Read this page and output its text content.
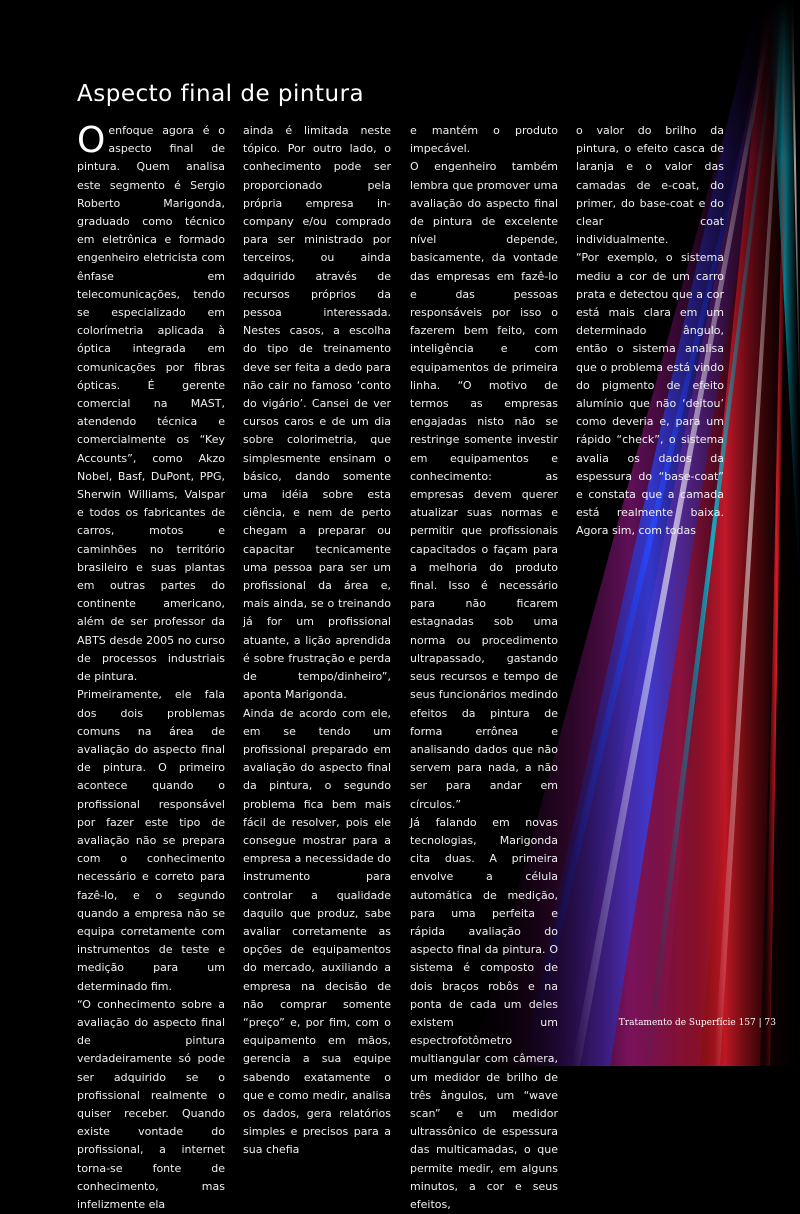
Aspecto final de pintura

Oenfoque agora é o aspecto final de pintura. Quem analisa este segmento é Sergio Roberto Marigonda, graduado como técnico em eletrônica e formado engenheiro eletricista com ênfase em telecomunicações, tendo se especializado em colorímetria aplicada à óptica integrada em comunicações por fibras ópticas. É gerente comercial na MAST, atendendo técnica e comercialmente os “Key Accounts”, como Akzo Nobel, Basf, DuPont, PPG, Sherwin Williams, Valspar e todos os fabricantes de carros, motos e caminhões no território brasileiro e suas plantas em outras partes do continente americano, além de ser professor da ABTS desde 2005 no curso de processos industriais de pintura.

Primeiramente, ele fala dos dois problemas comuns na área de avaliação do aspecto final de pintura. O primeiro acontece quando o profissional responsável por fazer este tipo de avaliação não se prepara com o conhecimento necessário e correto para fazê-lo, e o segundo quando a empresa não se equipa corretamente com instrumentos de teste e medição para um determinado fim.

“O conhecimento sobre a avaliação do aspecto final de pintura verdadeiramente só pode ser adquirido se o profissional realmente o quiser receber. Quando existe vontade do profissional, a internet torna-se fonte de conhecimento, mas infelizmente ela

ainda é limitada neste tópico. Por outro lado, o conhecimento pode ser proporcionado pela própria empresa in-company e/ou comprado para ser ministrado por terceiros, ou ainda adquirido através de recursos próprios da pessoa interessada. Nestes casos, a escolha do tipo de treinamento deve ser feita a dedo para não cair no famoso ‘conto do vigário’. Cansei de ver cursos caros e de um dia sobre colorimetria, que simplesmente ensinam o básico, dando somente uma idéia sobre esta ciência, e nem de perto chegam a preparar ou capacitar tecnicamente uma pessoa para ser um profissional da área e, mais ainda, se o treinando já for um profissional atuante, a lição aprendida é sobre frustração e perda de tempo/dinheiro”, aponta Marigonda.

Ainda de acordo com ele, em se tendo um profissional preparado em avaliação do aspecto final da pintura, o segundo problema fica bem mais fácil de resolver, pois ele consegue mostrar para a empresa a necessidade do instrumento para controlar a qualidade daquilo que produz, sabe avaliar corretamente as opções de equipamentos do mercado, auxiliando a empresa na decisão de não comprar somente “preço” e, por fim, com o equipamento em mãos, gerencia a sua equipe sabendo exatamente o que e como medir, analisa os dados, gera relatórios simples e precisos para a sua chefia

e mantém o produto impecável.

O engenheiro também lembra que promover uma avaliação do aspecto final de pintura de excelente nível depende, basicamente, da vontade das empresas em fazê-lo e das pessoas responsáveis por isso o fazerem bem feito, com inteligência e com equipamentos de primeira linha. “O motivo de termos as empresas engajadas nisto não se restringe somente investir em equipamentos e conhecimento: as empresas devem querer atualizar suas normas e permitir que profissionais capacitados o façam para a melhoria do produto final. Isso é necessário para não ficarem estagnadas sob uma norma ou procedimento ultrapassado, gastando seus recursos e tempo de seus funcionários medindo efeitos da pintura de forma errônea e analisando dados que não servem para nada, a não ser para andar em círculos.”

Já falando em novas tecnologias, Marigonda cita duas. A primeira envolve a célula automática de medição, para uma perfeita e rápida avaliação do aspecto final da pintura. O sistema é composto de dois braços robôs e na ponta de cada um deles existem um espectrofotômetro multiangular com câmera, um medidor de brilho de três ângulos, um “wave scan” e um medidor ultrassônico de espessura das multicamadas, o que permite medir, em alguns minutos, a cor e seus efeitos,

o valor do brilho da pintura, o efeito casca de laranja e o valor das camadas de e-coat, do primer, do base-coat e do clear coat individualmente.

“Por exemplo, o sistema mediu a cor de um carro prata e detectou que a cor está mais clara em um determinado ângulo, então o sistema analisa que o problema está vindo do pigmento de efeito alumínio que não ‘deitou’ como deveria e, para um rápido “check”, o sistema avalia os dados da espessura do “base-coat” e constata que a camada está realmente baixa. Agora sim, com todas

Tratamento de Superfície 157 | 73
